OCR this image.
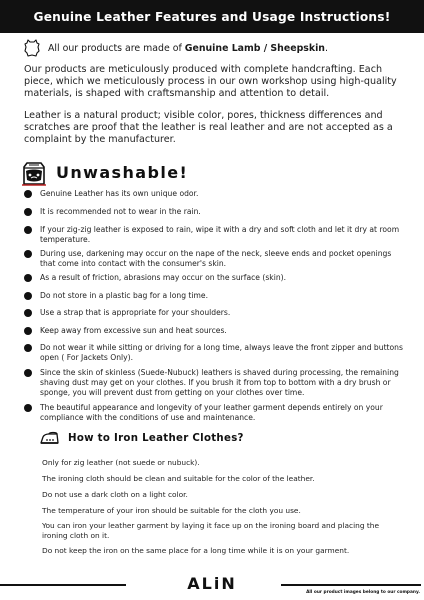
Genuine Leather Features and Usage Instructions!
All our products are made of Genuine Lamb / Sheepskin.

Our products are meticulously produced with complete handcrafting. Each piece, which we meticulously process in our own workshop using high-quality materials, is shaped with craftsmanship and attention to detail.

Leather is a natural product; visible color, pores, thickness differences and scratches are proof that the leather is real leather and are not accepted as a complaint by the manufacturer.

Unwashable!
Genuine Leather has its own unique odor.
It is recommended not to wear in the rain.
If your zig-zig leather is exposed to rain, wipe it with a dry and soft cloth and let it dry at room temperature.
During use, darkening may occur on the nape of the neck, sleeve ends and pocket openings that come into contact with the consumer's skin.
As a result of friction, abrasions may occur on the surface (skin).
Do not store in a plastic bag for a long time.
Use a strap that is appropriate for your shoulders.
Keep away from excessive sun and heat sources.
Do not wear it while sitting or driving for a long time, always leave the front zipper and buttons open ( For Jackets Only).
Since the skin of skinless (Suede-Nubuck) leathers is shaved during processing, the remaining shaving dust may get on your clothes. If you brush it from top to bottom with a dry brush or sponge, you will prevent dust from getting on your clothes over time.
The beautiful appearance and longevity of your leather garment depends entirely on your compliance with the conditions of use and maintenance.
How to Iron Leather Clothes?
Only for zig leather (not suede or nubuck).
The ironing cloth should be clean and suitable for the color of the leather.
Do not use a dark cloth on a light color.
The temperature of your iron should be suitable for the cloth you use.
You can iron your leather garment by laying it face up on the ironing board and placing the ironing cloth on it.
Do not keep the iron on the same place for a long time while it is on your garment.
ALiN	All our product images belong to our company.
